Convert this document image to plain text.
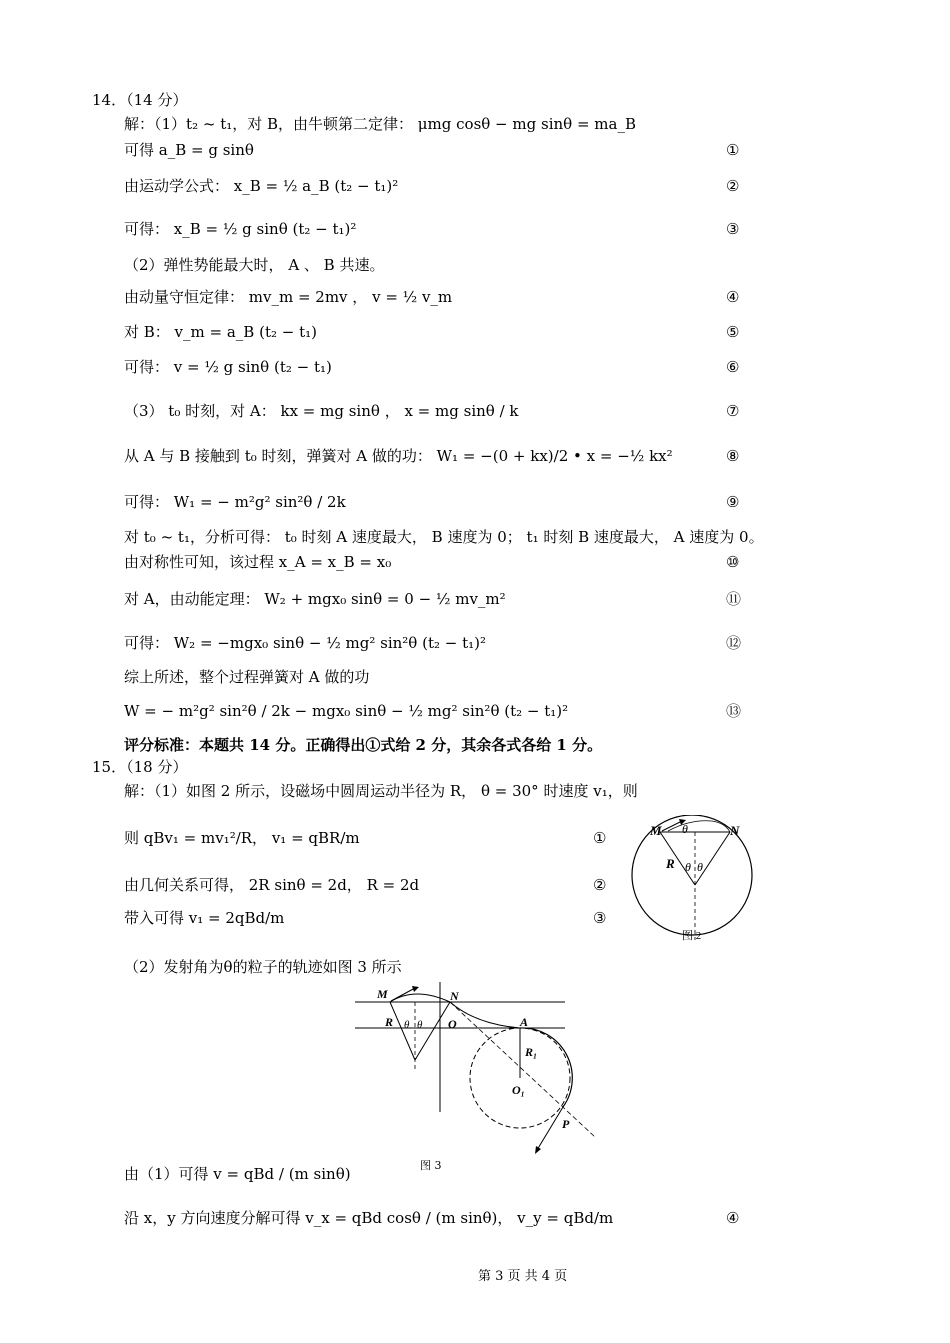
14．（14 分）
解：（1）t₂ ~ t₁，对 B，由牛顿第二定律： μmg cosθ − mg sinθ = ma_B
可得 a_B = g sinθ	①
由运动学公式： x_B = ½ a_B (t₂ − t₁)²	②
可得： x_B = ½ g sinθ (t₂ − t₁)²	③
（2）弹性势能最大时， A 、 B 共速。
由动量守恒定律： mv_m = 2mv ， v = ½ v_m	④
对 B： v_m = a_B (t₂ − t₁)	⑤
可得： v = ½ g sinθ (t₂ − t₁)	⑥
（3） t₀ 时刻，对 A： kx = mg sinθ ， x = mg sinθ / k	⑦
从 A 与 B 接触到 t₀ 时刻，弹簧对 A 做的功： W₁ = −(0 + kx)/2 • x = −½ kx²	⑧
可得： W₁ = − m²g² sin²θ / 2k	⑨
对 t₀ ~ t₁，分析可得： t₀ 时刻 A 速度最大， B 速度为 0； t₁ 时刻 B 速度最大， A 速度为 0。
由对称性可知，该过程 x_A = x_B = x₀	⑩
对 A，由动能定理： W₂ + mgx₀ sinθ = 0 − ½ mv_m²	⑪
可得： W₂ = −mgx₀ sinθ − ½ mg² sin²θ (t₂ − t₁)²	⑫
综上所述，整个过程弹簧对 A 做的功
W = − m²g² sin²θ / 2k − mgx₀ sinθ − ½ mg² sin²θ (t₂ − t₁)²	⑬
评分标准：本题共 14 分。正确得出①式给 2 分，其余各式各给 1 分。
15．（18 分）
解：（1）如图 2 所示，设磁场中圆周运动半径为 R， θ = 30° 时速度 v₁，则
则 qBv₁ = mv₁²/R， v₁ = qBR/m	①
由几何关系可得， 2R sinθ = 2d， R = 2d	②
带入可得 v₁ = 2qBd/m	③
（2）发射角为θ的粒子的轨迹如图 3 所示
M	N
R
θ
θ θ
图 2
M	N
R θ θ O	A
R₁
O₁
P
图 3
由（1）可得 v = qBd / (m sinθ)
沿 x，y 方向速度分解可得 v_x = qBd cosθ / (m sinθ)， v_y = qBd/m	④
第 3 页 共 4 页
